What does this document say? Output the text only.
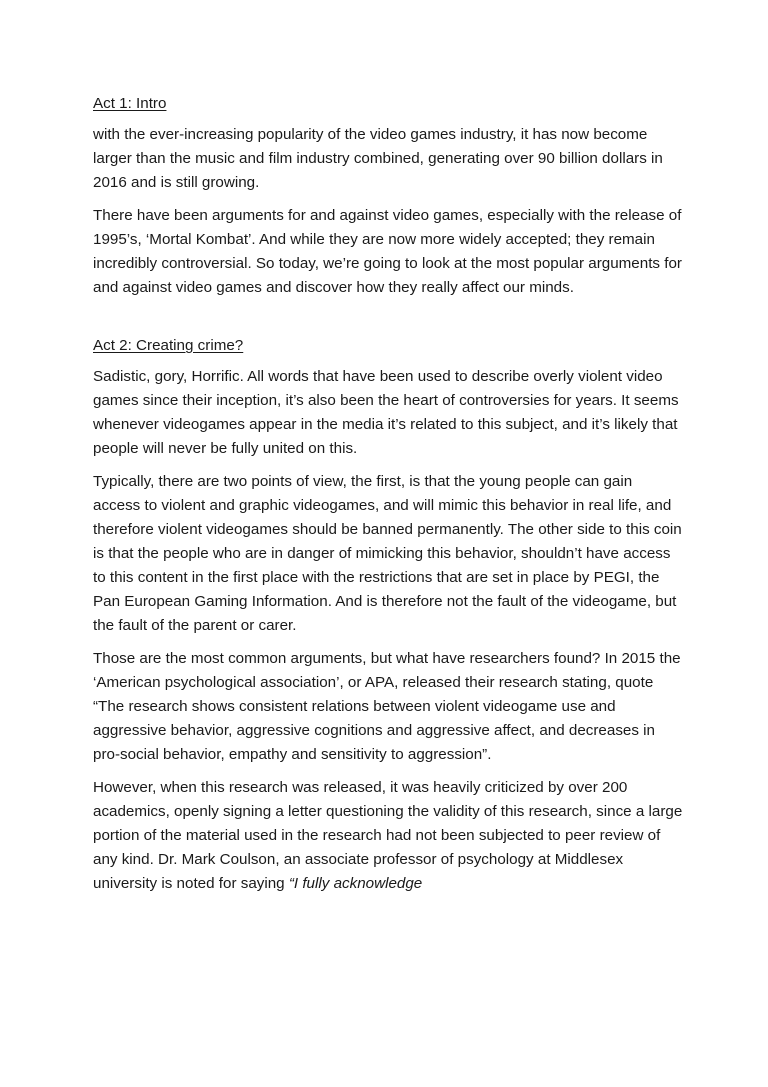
Act 1: Intro

with the ever-increasing popularity of the video games industry, it has now become larger than the music and film industry combined, generating over 90 billion dollars in 2016 and is still growing.

There have been arguments for and against video games, especially with the release of 1995’s, ‘Mortal Kombat’. And while they are now more widely accepted; they remain incredibly controversial. So today, we’re going to look at the most popular arguments for and against video games and discover how they really affect our minds.

Act 2: Creating crime?

Sadistic, gory, Horrific. All words that have been used to describe overly violent video games since their inception, it’s also been the heart of controversies for years. It seems whenever videogames appear in the media it’s related to this subject, and it’s likely that people will never be fully united on this.

Typically, there are two points of view, the first, is that the young people can gain access to violent and graphic videogames, and will mimic this behavior in real life, and therefore violent videogames should be banned permanently. The other side to this coin is that the people who are in danger of mimicking this behavior, shouldn’t have access to this content in the first place with the restrictions that are set in place by PEGI, the Pan European Gaming Information. And is therefore not the fault of the videogame, but the fault of the parent or carer.

Those are the most common arguments, but what have researchers found? In 2015 the ‘American psychological association’, or APA, released their research stating, quote “The research shows consistent relations between violent videogame use and aggressive behavior, aggressive cognitions and aggressive affect, and decreases in pro-social behavior, empathy and sensitivity to aggression”.

However, when this research was released, it was heavily criticized by over 200 academics, openly signing a letter questioning the validity of this research, since a large portion of the material used in the research had not been subjected to peer review of any kind. Dr. Mark Coulson, an associate professor of psychology at Middlesex university is noted for saying “I fully acknowledge
